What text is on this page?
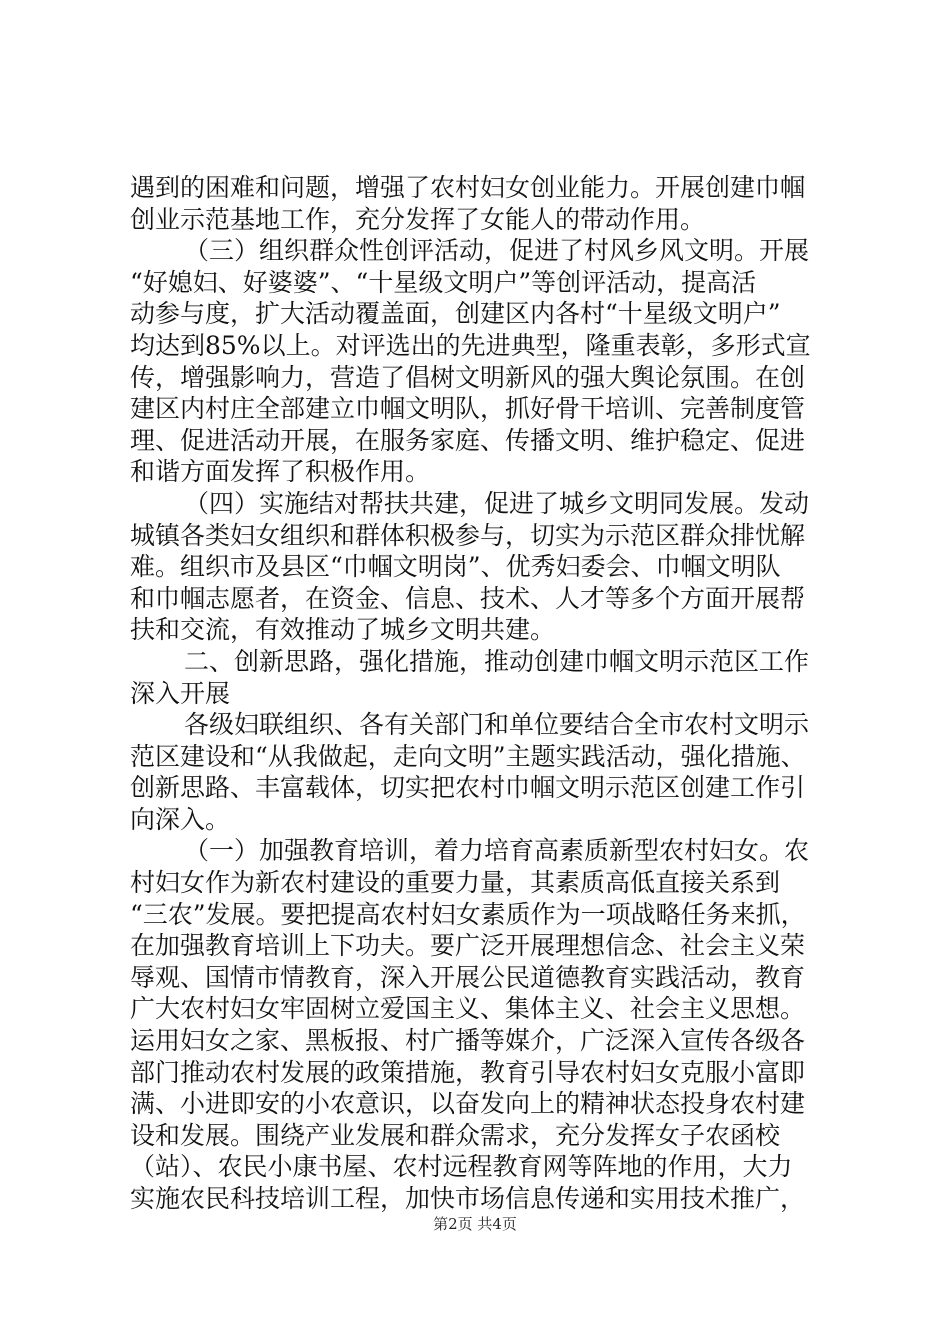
遇到的困难和问题，增强了农村妇女创业能力。开展创建巾帼
创业示范基地工作，充分发挥了女能人的带动作用。
（三）组织群众性创评活动，促进了村风乡风文明。开展
“好媳妇、好婆婆”、“十星级文明户”等创评活动，提高活
动参与度，扩大活动覆盖面，创建区内各村“十星级文明户”
均达到85%以上。对评选出的先进典型，隆重表彰，多形式宣
传，增强影响力，营造了倡树文明新风的强大舆论氛围。在创
建区内村庄全部建立巾帼文明队，抓好骨干培训、完善制度管
理、促进活动开展，在服务家庭、传播文明、维护稳定、促进
和谐方面发挥了积极作用。
（四）实施结对帮扶共建，促进了城乡文明同发展。发动
城镇各类妇女组织和群体积极参与，切实为示范区群众排忧解
难。组织市及县区“巾帼文明岗”、优秀妇委会、巾帼文明队
和巾帼志愿者，在资金、信息、技术、人才等多个方面开展帮
扶和交流，有效推动了城乡文明共建。
二、创新思路，强化措施，推动创建巾帼文明示范区工作
深入开展
各级妇联组织、各有关部门和单位要结合全市农村文明示
范区建设和“从我做起，走向文明”主题实践活动，强化措施、
创新思路、丰富载体，切实把农村巾帼文明示范区创建工作引
向深入。
（一）加强教育培训，着力培育高素质新型农村妇女。农
村妇女作为新农村建设的重要力量，其素质高低直接关系到
“三农”发展。要把提高农村妇女素质作为一项战略任务来抓，
在加强教育培训上下功夫。要广泛开展理想信念、社会主义荣
辱观、国情市情教育，深入开展公民道德教育实践活动，教育
广大农村妇女牢固树立爱国主义、集体主义、社会主义思想。
运用妇女之家、黑板报、村广播等媒介，广泛深入宣传各级各
部门推动农村发展的政策措施，教育引导农村妇女克服小富即
满、小进即安的小农意识，以奋发向上的精神状态投身农村建
设和发展。围绕产业发展和群众需求，充分发挥女子农函校
（站）、农民小康书屋、农村远程教育网等阵地的作用，大力
实施农民科技培训工程，加快市场信息传递和实用技术推广，
第2页 共4页
